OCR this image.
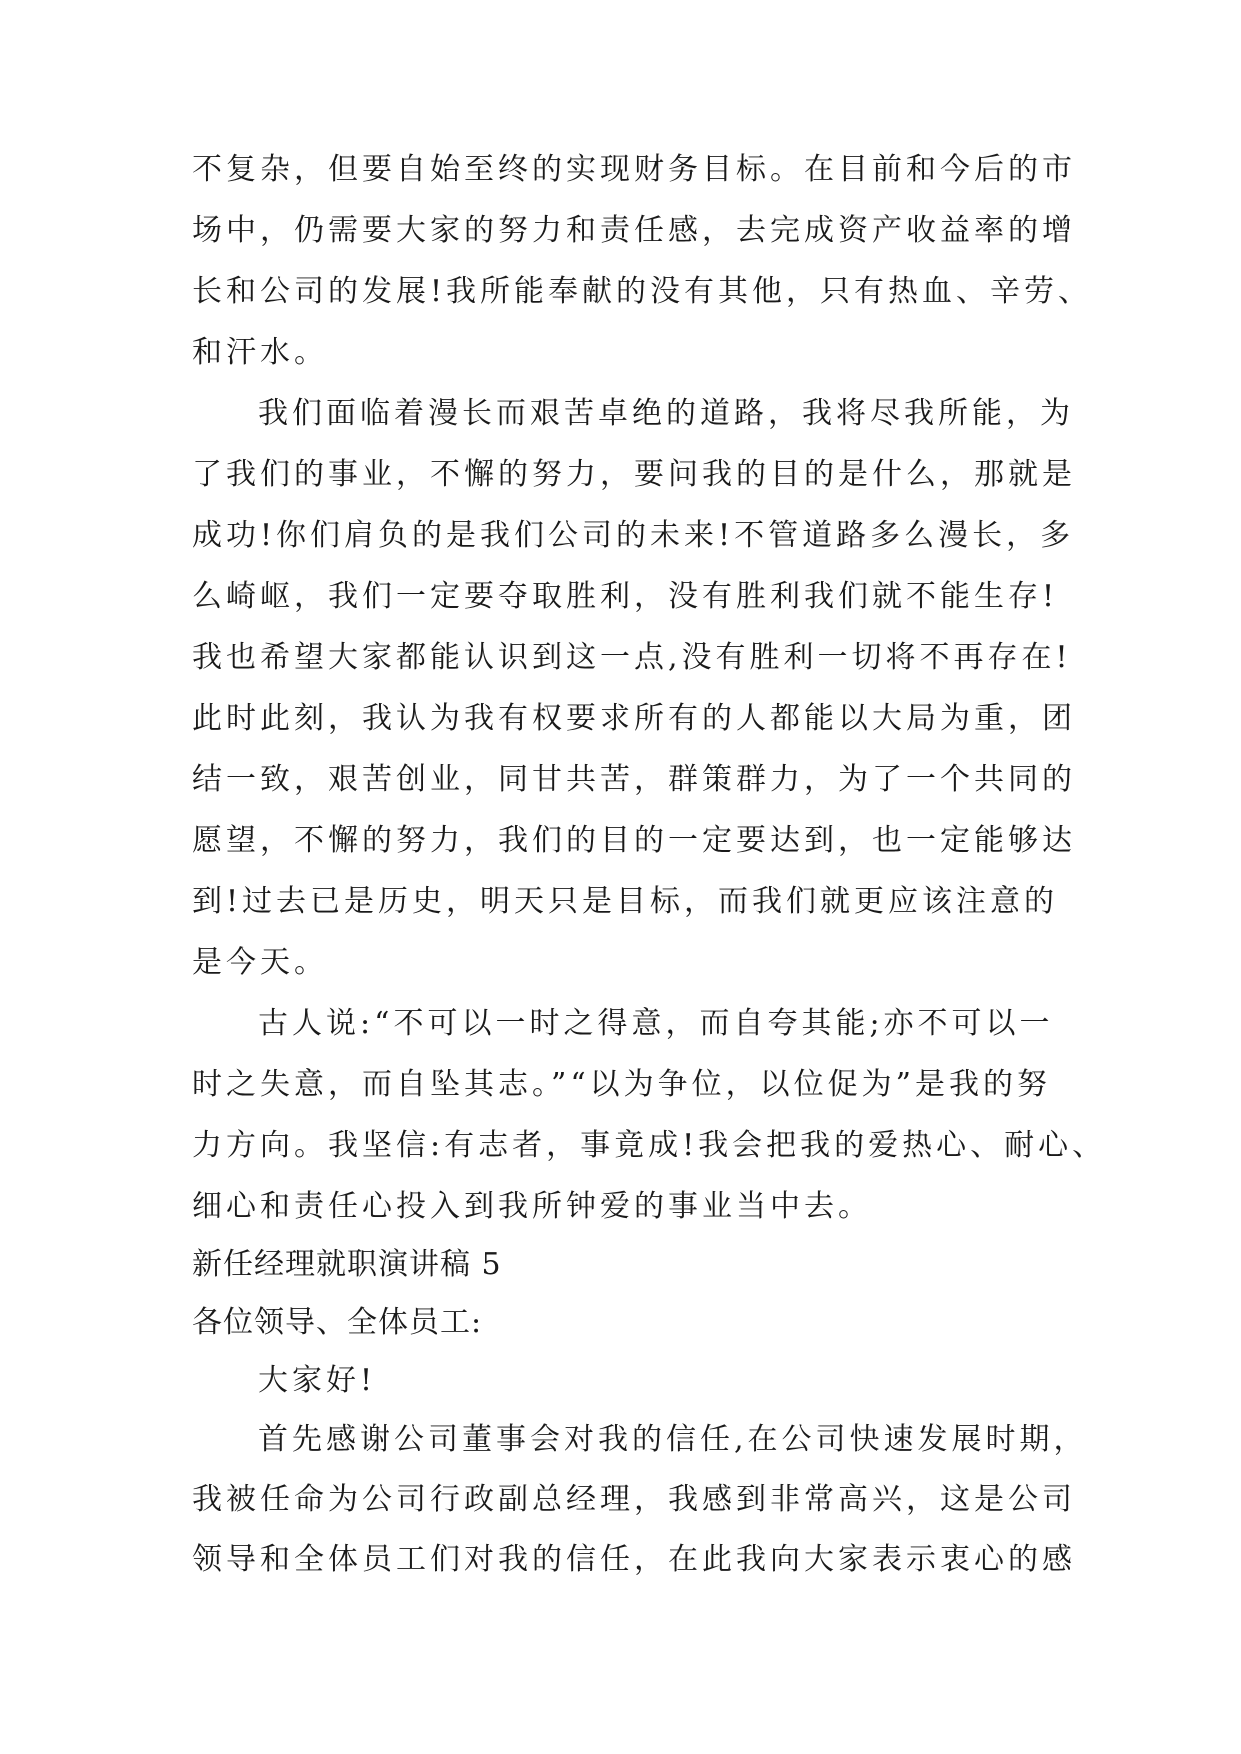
不复杂，但要自始至终的实现财务目标。在目前和今后的市
场中，仍需要大家的努力和责任感，去完成资产收益率的增
长和公司的发展!我所能奉献的没有其他，只有热血、辛劳、
和汗水。
我们面临着漫长而艰苦卓绝的道路，我将尽我所能，为
了我们的事业，不懈的努力，要问我的目的是什么，那就是
成功!你们肩负的是我们公司的未来!不管道路多么漫长，多
么崎岖，我们一定要夺取胜利，没有胜利我们就不能生存!
我也希望大家都能认识到这一点,没有胜利一切将不再存在!
此时此刻，我认为我有权要求所有的人都能以大局为重，团
结一致，艰苦创业，同甘共苦，群策群力，为了一个共同的
愿望，不懈的努力，我们的目的一定要达到，也一定能够达
到!过去已是历史，明天只是目标，而我们就更应该注意的
是今天。
古人说:“不可以一时之得意，而自夸其能;亦不可以一
时之失意，而自坠其志。”“以为争位，以位促为”是我的努
力方向。我坚信:有志者，事竟成!我会把我的爱热心、耐心、
细心和责任心投入到我所钟爱的事业当中去。
新任经理就职演讲稿 5
各位领导、全体员工:
大家好!
首先感谢公司董事会对我的信任,在公司快速发展时期，
我被任命为公司行政副总经理，我感到非常高兴，这是公司
领导和全体员工们对我的信任，在此我向大家表示衷心的感
